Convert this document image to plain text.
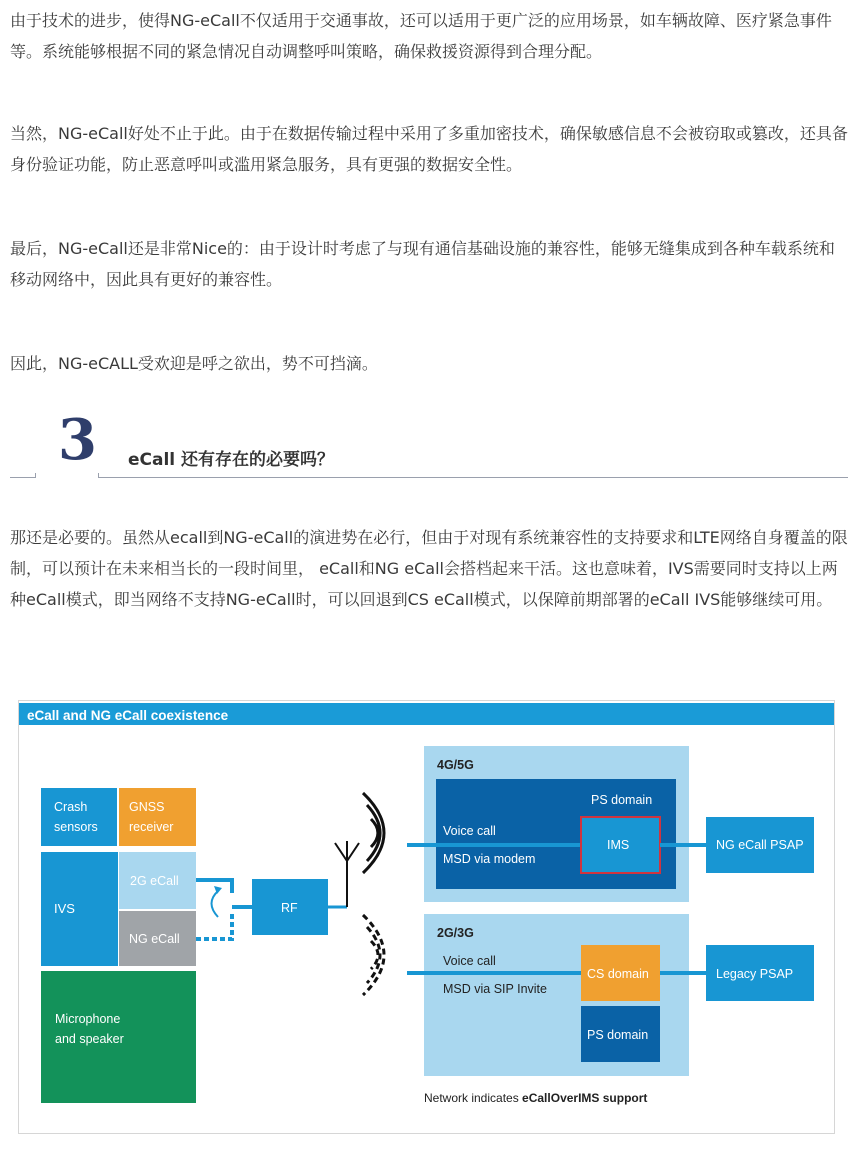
由于技术的进步，使得NG-eCall不仅适用于交通事故，还可以适用于更广泛的应用场景，如车辆故障、医疗紧急事件等。系统能够根据不同的紧急情况自动调整呼叫策略，确保救援资源得到合理分配。
当然，NG-eCall好处不止于此。由于在数据传输过程中采用了多重加密技术，确保敏感信息不会被窃取或篡改，还具备身份验证功能，防止恶意呼叫或滥用紧急服务，具有更强的数据安全性。
最后，NG-eCall还是非常Nice的：由于设计时考虑了与现有通信基础设施的兼容性，能够无缝集成到各种车载系统和移动网络中，因此具有更好的兼容性。
因此，NG-eCALL受欢迎是呼之欲出，势不可挡滴。
3 eCall 还有存在的必要吗？
那还是必要的。虽然从ecall到NG-eCall的演进势在必行，但由于对现有系统兼容性的支持要求和LTE网络自身覆盖的限制，可以预计在未来相当长的一段时间里， eCall和NG eCall会搭档起来干活。这也意味着，IVS需要同时支持以上两种eCall模式，即当网络不支持NG-eCall时，可以回退到CS eCall模式，以保障前期部署的eCall IVS能够继续可用。
eCall and NG eCall coexistence
Crash sensors
GNSS receiver
IVS
2G eCall
NG eCall
Microphone and speaker
RF
4G/5G
PS domain
Voice call
MSD via modem
IMS	NG eCall PSAP
2G/3G
Voice call
MSD via SIP Invite
CS domain
PS domain
Legacy PSAP
Network indicates eCallOverIMS support
